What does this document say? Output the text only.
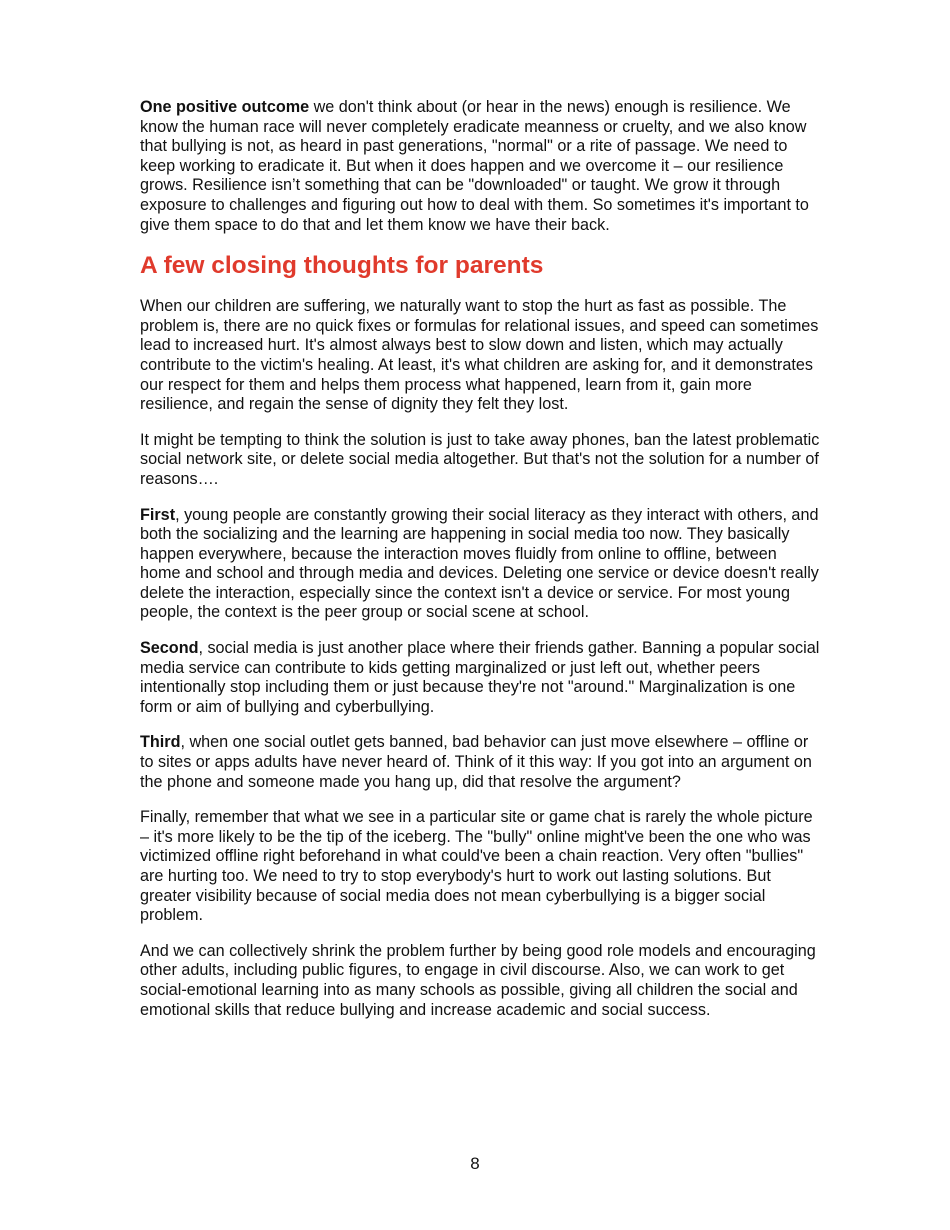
One positive outcome we don't think about (or hear in the news) enough is resilience. We know the human race will never completely eradicate meanness or cruelty, and we also know that bullying is not, as heard in past generations, "normal" or a rite of passage. We need to keep working to eradicate it. But when it does happen and we overcome it – our resilience grows. Resilience isn’t something that can be "downloaded" or taught. We grow it through exposure to challenges and figuring out how to deal with them. So sometimes it's important to give them space to do that and let them know we have their back.

A few closing thoughts for parents

When our children are suffering, we naturally want to stop the hurt as fast as possible. The problem is, there are no quick fixes or formulas for relational issues, and speed can sometimes lead to increased hurt. It's almost always best to slow down and listen, which may actually contribute to the victim's healing. At least, it's what children are asking for, and it demonstrates our respect for them and helps them process what happened, learn from it, gain more resilience, and regain the sense of dignity they felt they lost.

It might be tempting to think the solution is just to take away phones, ban the latest problematic social network site, or delete social media altogether. But that's not the solution for a number of reasons….

First, young people are constantly growing their social literacy as they interact with others, and both the socializing and the learning are happening in social media too now. They basically happen everywhere, because the interaction moves fluidly from online to offline, between home and school and through media and devices. Deleting one service or device doesn't really delete the interaction, especially since the context isn't a device or service. For most young people, the context is the peer group or social scene at school.

Second, social media is just another place where their friends gather. Banning a popular social media service can contribute to kids getting marginalized or just left out, whether peers intentionally stop including them or just because they're not "around." Marginalization is one form or aim of bullying and cyberbullying.

Third, when one social outlet gets banned, bad behavior can just move elsewhere – offline or to sites or apps adults have never heard of. Think of it this way: If you got into an argument on the phone and someone made you hang up, did that resolve the argument?

Finally, remember that what we see in a particular site or game chat is rarely the whole picture – it's more likely to be the tip of the iceberg. The "bully" online might've been the one who was victimized offline right beforehand in what could've been a chain reaction. Very often "bullies" are hurting too. We need to try to stop everybody's hurt to work out lasting solutions. But greater visibility because of social media does not mean cyberbullying is a bigger social problem.

And we can collectively shrink the problem further by being good role models and encouraging other adults, including public figures, to engage in civil discourse. Also, we can work to get social-emotional learning into as many schools as possible, giving all children the social and emotional skills that reduce bullying and increase academic and social success.

8
